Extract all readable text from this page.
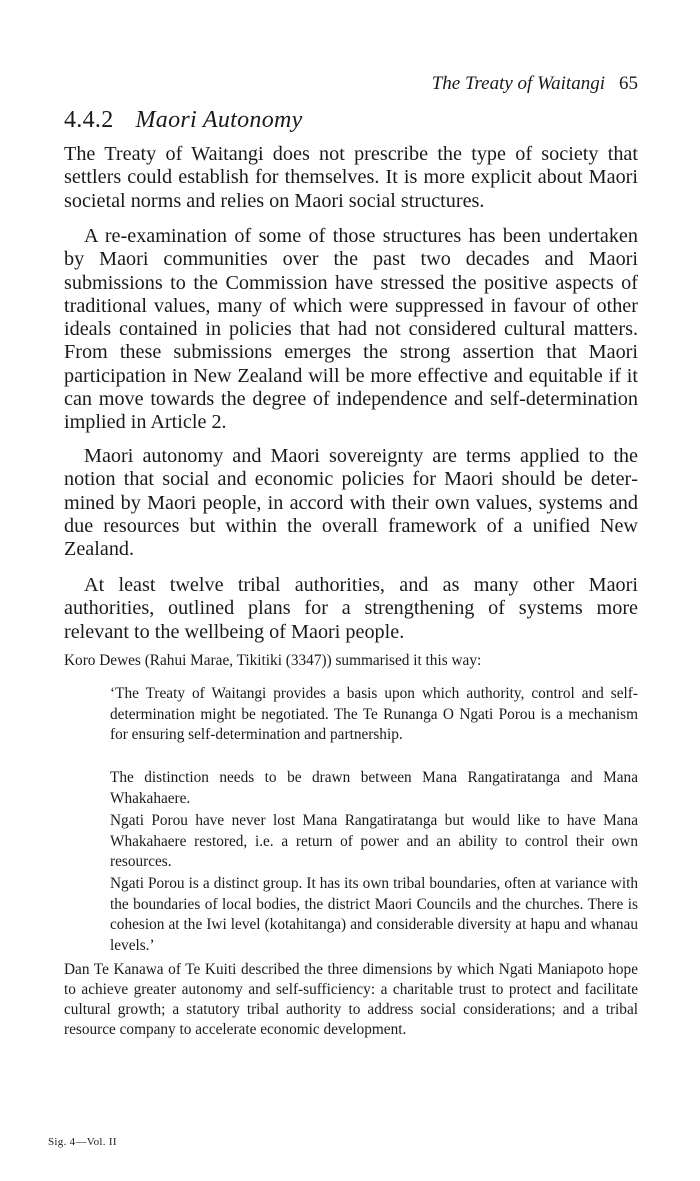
The Treaty of Waitangi 65
4.4.2 Maori Autonomy

The Treaty of Waitangi does not prescribe the type of society that settlers could establish for themselves. It is more explicit about Maori societal norms and relies on Maori social structures.

A re-examination of some of those structures has been undertaken by Maori communities over the past two decades and Maori submissions to the Commission have stressed the positive aspects of traditional values, many of which were suppressed in favour of other ideals contained in policies that had not considered cultural matters. From these submissions emerges the strong assertion that Maori participation in New Zealand will be more effective and equitable if it can move towards the degree of independence and self-determination implied in Article 2.

Maori autonomy and Maori sovereignty are terms applied to the notion that social and economic policies for Maori should be determined by Maori people, in accord with their own values, systems and due resources but within the overall framework of a unified New Zealand.

At least twelve tribal authorities, and as many other Maori authorities, outlined plans for a strengthening of systems more relevant to the wellbeing of Maori people.

Koro Dewes (Rahui Marae, Tikitiki (3347)) summarised it this way:

‘The Treaty of Waitangi provides a basis upon which authority, control and self-determination might be negotiated. The Te Runanga O Ngati Porou is a mechanism for ensuring self-determination and partnership.

The distinction needs to be drawn between Mana Rangatiratanga and Mana Whakahaere.

Ngati Porou have never lost Mana Rangatiratanga but would like to have Mana Whakahaere restored, i.e. a return of power and an ability to control their own resources.

Ngati Porou is a distinct group. It has its own tribal boundaries, often at variance with the boundaries of local bodies, the district Maori Councils and the churches. There is cohesion at the Iwi level (kotahitanga) and considerable diversity at hapu and whanau levels.’

Dan Te Kanawa of Te Kuiti described the three dimensions by which Ngati Maniapoto hope to achieve greater autonomy and self-sufficiency: a charitable trust to protect and facilitate cultural growth; a statutory tribal authority to address social considerations; and a tribal resource company to accelerate economic development.

Sig. 4—Vol. II
